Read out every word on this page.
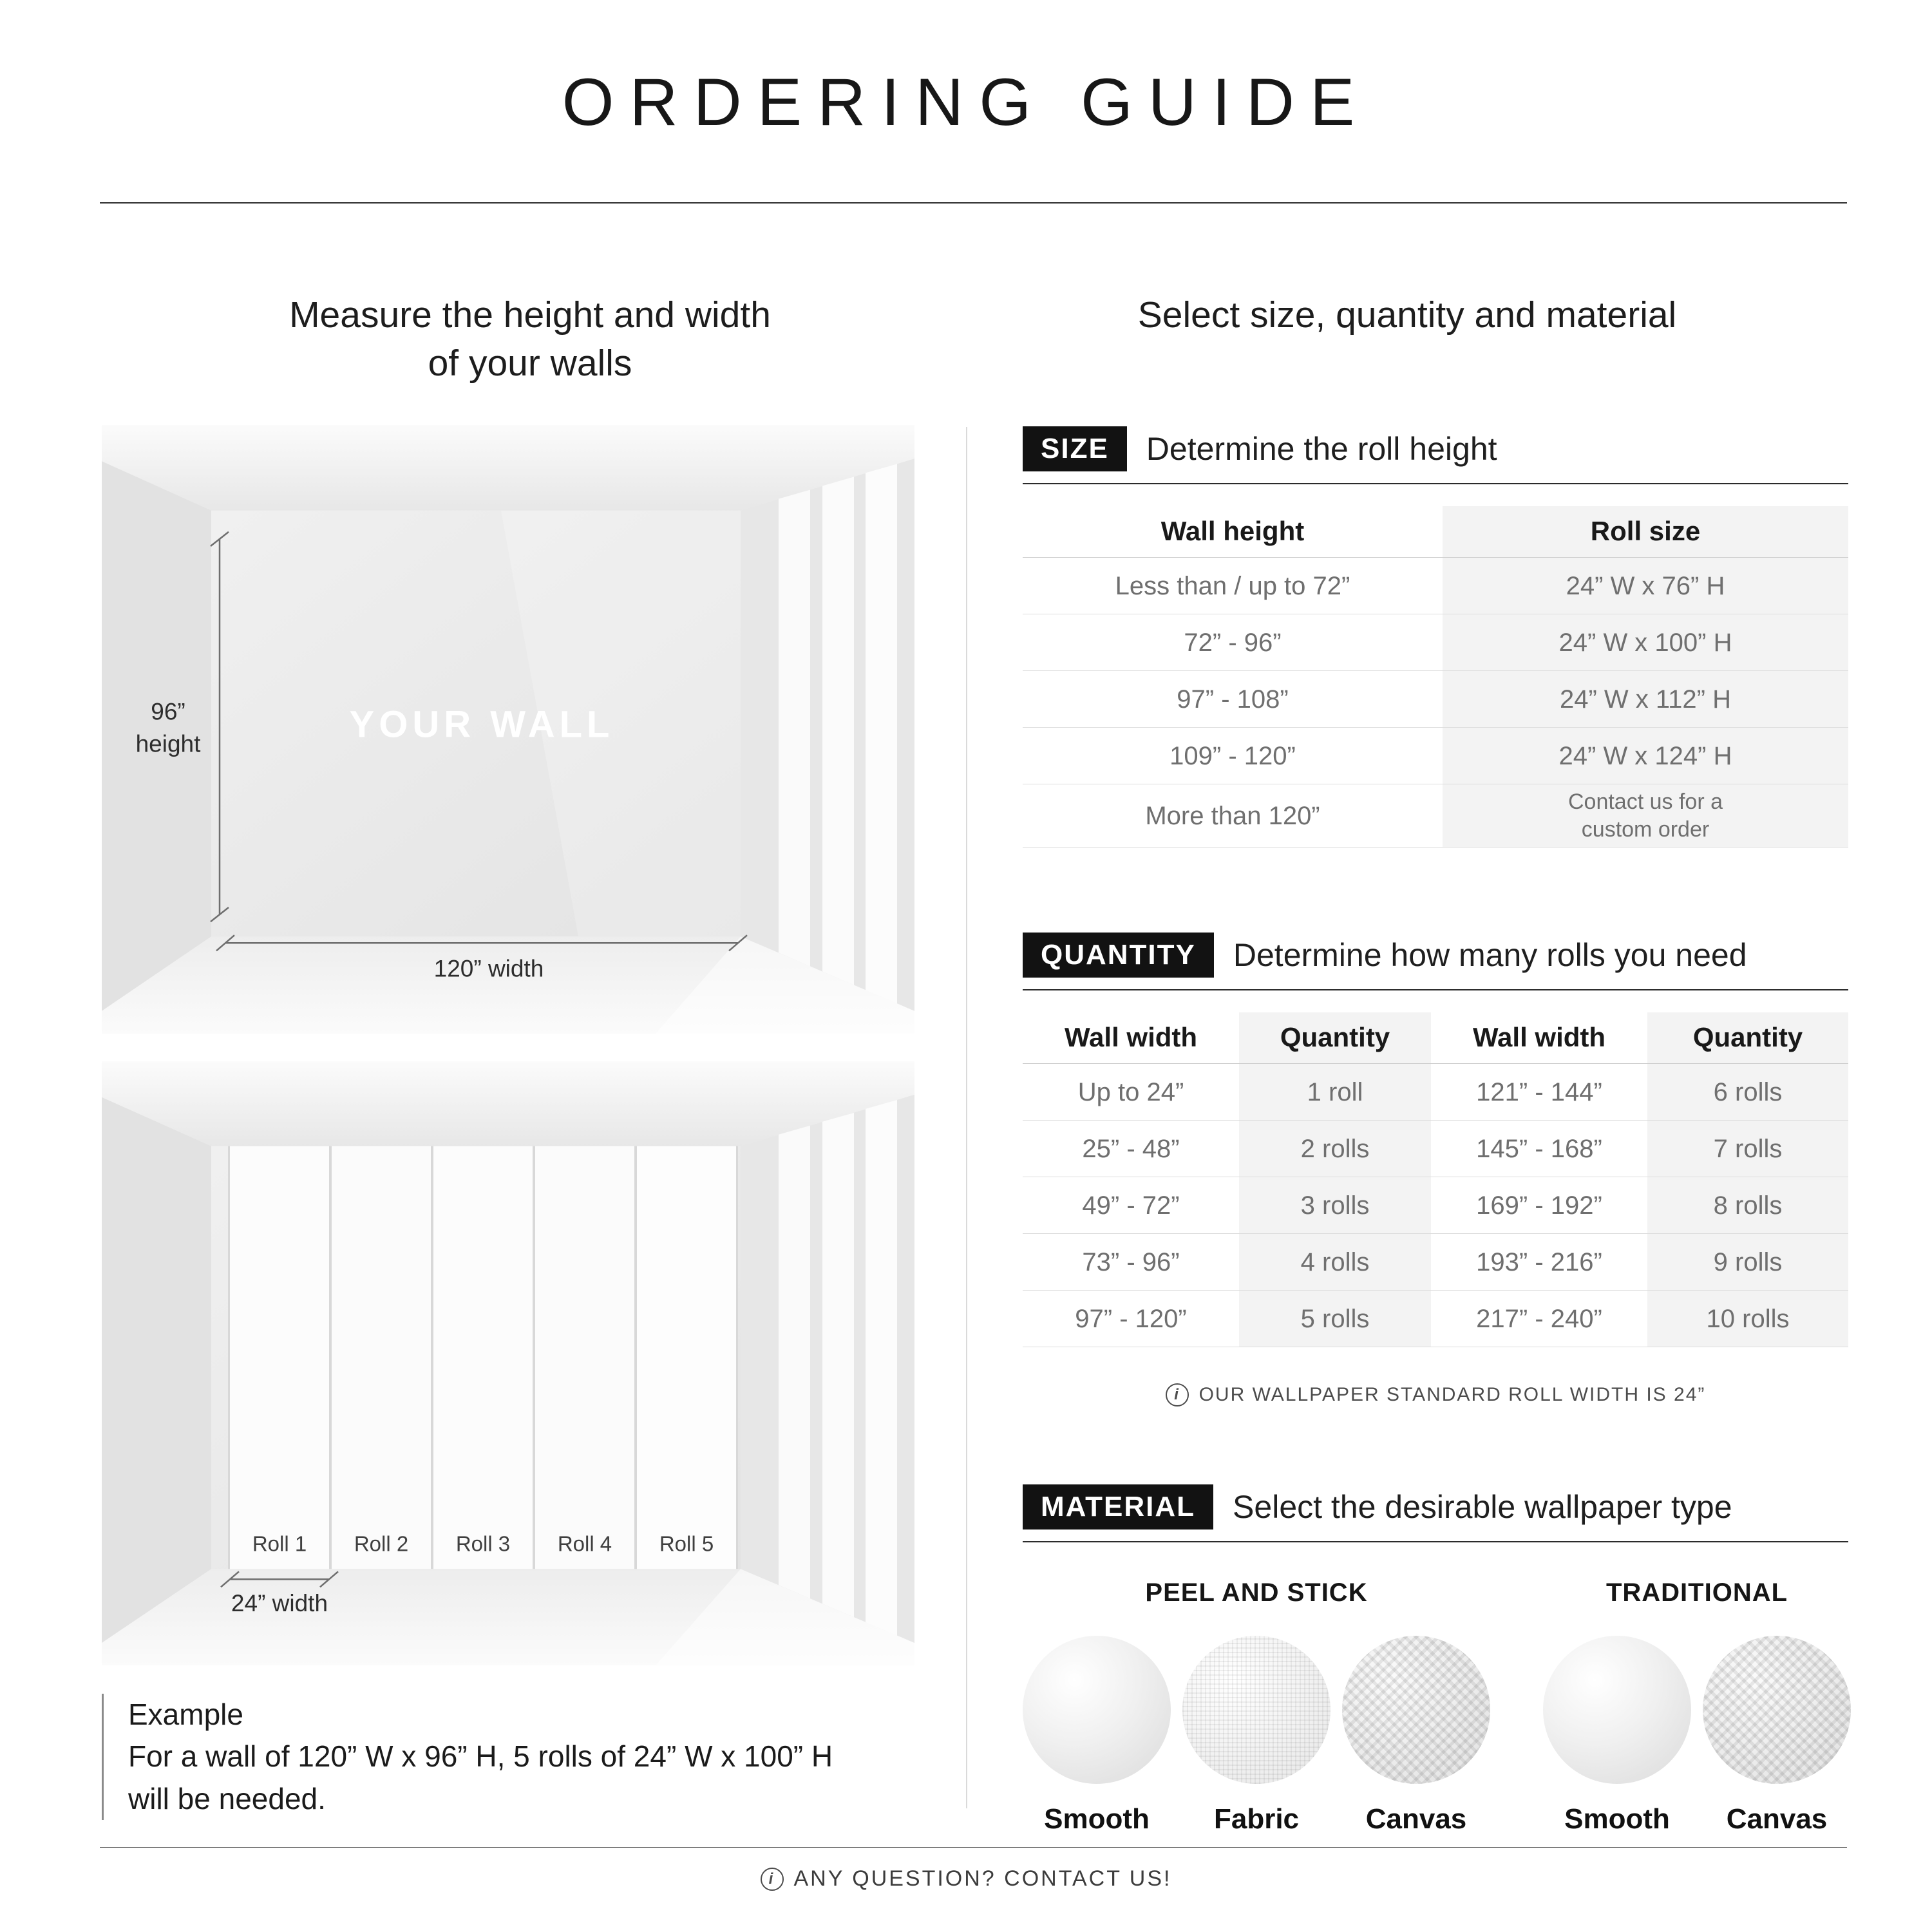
ORDERING GUIDE
Measure the height and width
of your walls
YOUR WALL
96”
height
120” width
Roll 1 Roll 2 Roll 3 Roll 4 Roll 5
24” width
Example
For a wall of 120” W x 96” H, 5 rolls of 24” W x 100” H
will be needed.
Select size, quantity and material
SIZE	Determine the roll height
Wall height	Roll size
Less than / up to 72”	24” W x 76” H
72” - 96”	24” W x 100” H
97” - 108”	24” W x 112” H
109” - 120”	24” W x 124” H
More than 120”	Contact us for a custom order
QUANTITY	Determine how many rolls you need
Wall width	Quantity	Wall width	Quantity
Up to 24”	1 roll	121” - 144”	6 rolls
25” - 48”	2 rolls	145” - 168”	7 rolls
49” - 72”	3 rolls	169” - 192”	8 rolls
73” - 96”	4 rolls	193” - 216”	9 rolls
97” - 120”	5 rolls	217” - 240”	10 rolls
i OUR WALLPAPER STANDARD ROLL WIDTH IS 24”
MATERIAL	Select the desirable wallpaper type
PEEL AND STICK
Smooth Fabric Canvas
TRADITIONAL
Smooth Canvas
i ANY QUESTION? CONTACT US!
